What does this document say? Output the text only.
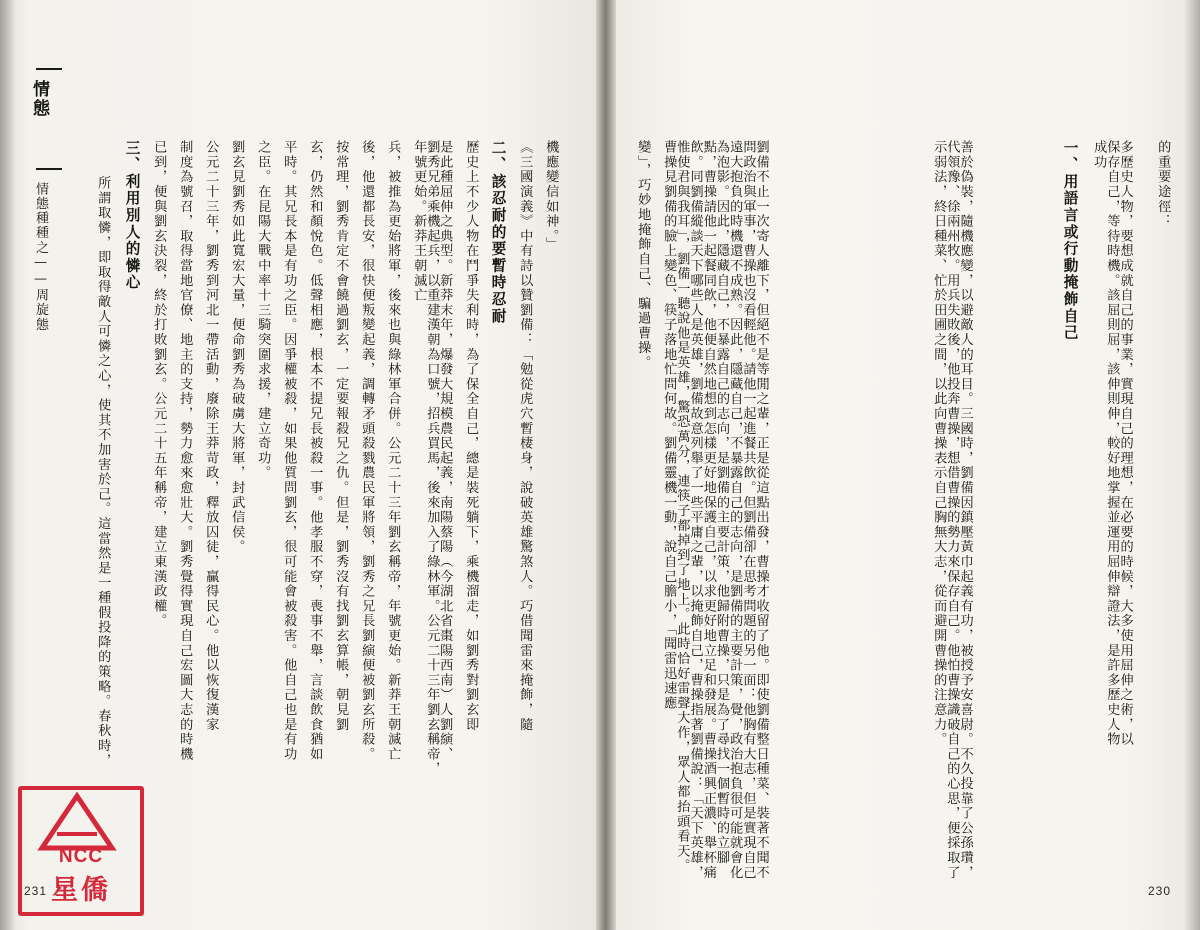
情態
情態種種之——周旋態	機應變信如神。」
《三國演義》中有詩以贊劉備：「勉從虎穴暫棲身，說破英雄驚煞人。巧借聞雷來掩飾，隨
二、該忍耐的要暫時忍耐
歷史上不少人物在鬥爭失利時，為了保全自己，總是裝死躺下，乘機溜走，如劉秀對劉玄即
是此種屈伸之典型。新莽末年，爆發大規模農民起義，南陽蔡陽（今湖北省棗陽西南）人劉縯、
劉秀兄弟乘機起兵，以重建漢朝為口號，招兵買馬，後來加入了綠林軍。公元二十三年劉玄稱帝，年號更始。新莽王朝滅亡
兵，被推為更始將軍，後來也與綠林軍合併。公元二十三年劉玄稱帝，年號更始。新莽王朝滅亡
後，他還都長安，很快便叛變起義，調轉矛頭殺戮農民軍將領，劉秀之兄長劉縯便被劉玄所殺。
按常理，劉秀肯定不會饒過劉玄，一定要報殺兄之仇。但是，劉秀沒有找劉玄算帳，朝見劉
玄，仍然和顏悅色。低聲相應，根本不提兄長被殺一事。他孝服不穿，喪事不舉，言談飲食猶如
平時。其兄長本是有功之臣。因爭權被殺，如果他質問劉玄，很可能會被殺害。他自己也是有功
之臣。在昆陽大戰中率十三騎突圍求援，建立奇功。
劉玄見劉秀如此寬宏大量，便命劉秀為破虜大將軍，封武信侯。
公元二十三年，劉秀到河北一帶活動，廢除王莽苛政，釋放囚徒，贏得民心。他以恢復漢家
制度為號召，取得當地官僚、地主的支持，勢力愈來愈壯大。劉秀覺得實現自己宏圖大志的時機
已到，便與劉玄決裂，終於打敗劉玄。公元二十五年稱帝，建立東漢政權。
三、利用別人的憐心
所謂取憐，即取得敵人可憐之心，使其不加害於己。這當然是一種假投降的策略。春秋時，
231
變」，巧妙地掩飾自己、騙過曹操。	劉備不止一次寄人離下，但絕不是等閒之輩，正是從這點出發，曹操才收留了他。即使劉備整日種菜、裝著不聞不問政治與軍事，曹操也沒看輕他。請他一起進餐共飲。但劉備卻在思考問題的另一面：他胸有大志，但是實現自己遠大抱負的時機還不成熟。因此，隱藏自己，不暴露自己的志向，是劉備的主要計策，覺，政治抱負很可能就會化為泡影。因此，隱藏自己，不暴露自己的志向，是劉備的主要計策，他歸附曹操，只是為了尋找一個暫時的立腳點，曹操請他一起餐同飲，他便自然地想到怎樣更好地保護自己，以求更好地立足和發展。曹操酒興正濃、舉杯痛飲。同劉備縱談天下哪些人是英雄，劉備故意列舉了一些平庸之輩，以掩飾自己，曹操指著劉備說：「天下英雄，惟使君與我耳」，劉備一聽說他是英雄，驚恐萬分，連筷子都掉到了地上。此時恰好雷聲大作，眾人都抬頭看天。曹操見劉備的臉上變色、筷子落地忙問何故。劉備靈機一動，說自己膽小，「聞雷迅速應	善於偽裝，隨機應變，以避敵人的耳目。三國時，劉備因鎮壓黃巾起義有功，被授予安喜尉。不久投靠了公孫瓚，代領豫、徐兩州牧。用兵失敗後，他投奔曹操，想借曹操的勢力來保存自己。他怕曹操識破自己的心思，便採取了示弱法，終日種菜、忙於田圃之間，以此向曹操表示自己胸無大志，從而避開曹操的注意力。	一、用語言或行動掩飾自己	多歷史人物，要想成就自己的事業，實現自己的理想，在必要的時候，大多使用屈伸之術，以保存自己，等待時機。該屈則屈，該伸則伸，較好地掌握並運用屈伸辯證法，是許多歷史人物成功	的重要途徑：
230
NCC
星僑
